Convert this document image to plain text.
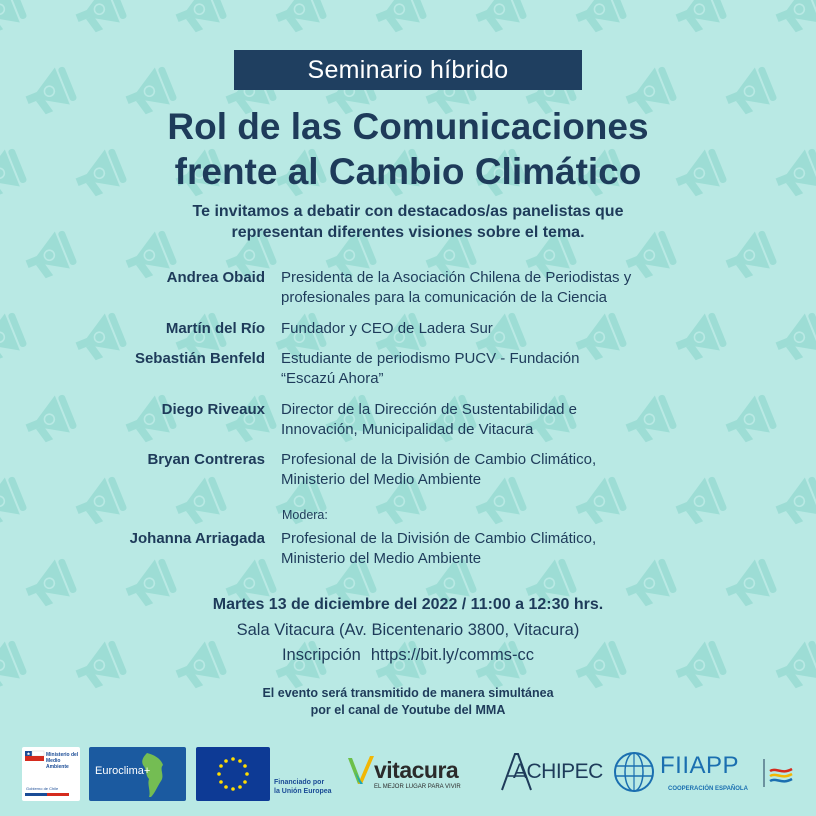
Seminario híbrido
Rol de las Comunicaciones
frente al Cambio Climático
Te invitamos a debatir con destacados/as panelistas que
representan diferentes visiones sobre el tema.
Andrea Obaid Presidenta de la Asociación Chilena de Periodistas y
profesionales para la comunicación de la Ciencia
Martín del Río Fundador y CEO de Ladera Sur
Sebastián Benfeld Estudiante de periodismo PUCV - Fundación
“Escazú Ahora”
Diego Riveaux Director de la Dirección de Sustentabilidad e
Innovación, Municipalidad de Vitacura
Bryan Contreras Profesional de la División de Cambio Climático,
Ministerio del Medio Ambiente
Modera:
Johanna Arriagada Profesional de la División de Cambio Climático,
Ministerio del Medio Ambiente
Martes 13 de diciembre del 2022 / 11:00 a 12:30 hrs.
Sala Vitacura (Av. Bicentenario 3800, Vitacura)
Inscripción https://bit.ly/comms-cc
El evento será transmitido de manera simultánea
por el canal de Youtube del MMA
Ministerio del
Medio
Ambiente
Gobierno de Chile
Euroclima+
Financiado por
la Unión Europea
vitacura
EL MEJOR LUGAR PARA VIVIR
ACHIPEC FIIAPP
COOPERACIÓN ESPAÑOLA
